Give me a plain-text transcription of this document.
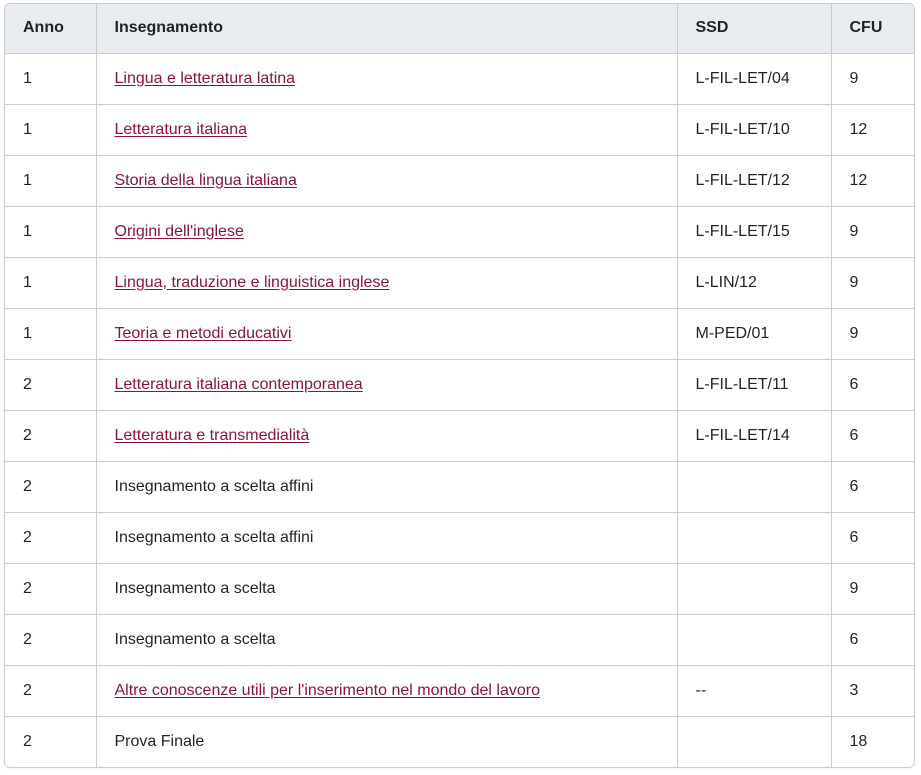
Anno	Insegnamento	SSD	CFU
1	Lingua e letteratura latina	L-FIL-LET/04	9
1	Letteratura italiana	L-FIL-LET/10	12
1	Storia della lingua italiana	L-FIL-LET/12	12
1	Origini dell'inglese	L-FIL-LET/15	9
1	Lingua, traduzione e linguistica inglese	L-LIN/12	9
1	Teoria e metodi educativi	M-PED/01	9
2	Letteratura italiana contemporanea	L-FIL-LET/11	6
2	Letteratura e transmedialità	L-FIL-LET/14	6
2	Insegnamento a scelta affini		6
2	Insegnamento a scelta affini		6
2	Insegnamento a scelta		9
2	Insegnamento a scelta		6
2	Altre conoscenze utili per l'inserimento nel mondo del lavoro	--	3
2	Prova Finale		18
